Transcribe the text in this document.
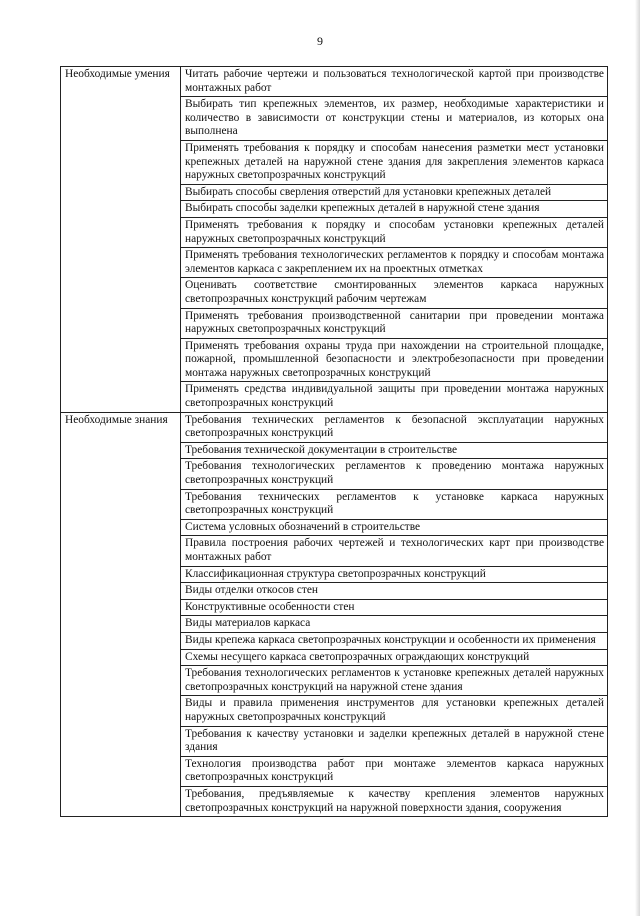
9
Необходимые умения	Читать рабочие чертежи и пользоваться технологической картой при производстве монтажных работ
	Выбирать тип крепежных элементов, их размер, необходимые характеристики и количество в зависимости от конструкции стены и материалов, из которых она выполнена
	Применять требования к порядку и способам нанесения разметки мест установки крепежных деталей на наружной стене здания для закрепления элементов каркаса наружных светопрозрачных конструкций
	Выбирать способы сверления отверстий для установки крепежных деталей
	Выбирать способы заделки крепежных деталей в наружной стене здания
	Применять требования к порядку и способам установки крепежных деталей наружных светопрозрачных конструкций
	Применять требования технологических регламентов к порядку и способам монтажа элементов каркаса с закреплением их на проектных отметках
	Оценивать соответствие смонтированных элементов каркаса наружных светопрозрачных конструкций рабочим чертежам
	Применять требования производственной санитарии при проведении монтажа наружных светопрозрачных конструкций
	Применять требования охраны труда при нахождении на строительной площадке, пожарной, промышленной безопасности и электробезопасности при проведении монтажа наружных светопрозрачных конструкций
	Применять средства индивидуальной защиты при проведении монтажа наружных светопрозрачных конструкций
Необходимые знания	Требования технических регламентов к безопасной эксплуатации наружных светопрозрачных конструкций
	Требования технической документации в строительстве
	Требования технологических регламентов к проведению монтажа наружных светопрозрачных конструкций
	Требования технических регламентов к установке каркаса наружных светопрозрачных конструкций
	Система условных обозначений в строительстве
	Правила построения рабочих чертежей и технологических карт при производстве монтажных работ
	Классификационная структура светопрозрачных конструкций
	Виды отделки откосов стен
	Конструктивные особенности стен
	Виды материалов каркаса
	Виды крепежа каркаса светопрозрачных конструкции и особенности их применения
	Схемы несущего каркаса светопрозрачных ограждающих конструкций
	Требования технологических регламентов к установке крепежных деталей наружных светопрозрачных конструкций на наружной стене здания
	Виды и правила применения инструментов для установки крепежных деталей наружных светопрозрачных конструкций
	Требования к качеству установки и заделки крепежных деталей в наружной стене здания
	Технология производства работ при монтаже элементов каркаса наружных светопрозрачных конструкций
	Требования, предъявляемые к качеству крепления элементов наружных светопрозрачных конструкций на наружной поверхности здания, сооружения
